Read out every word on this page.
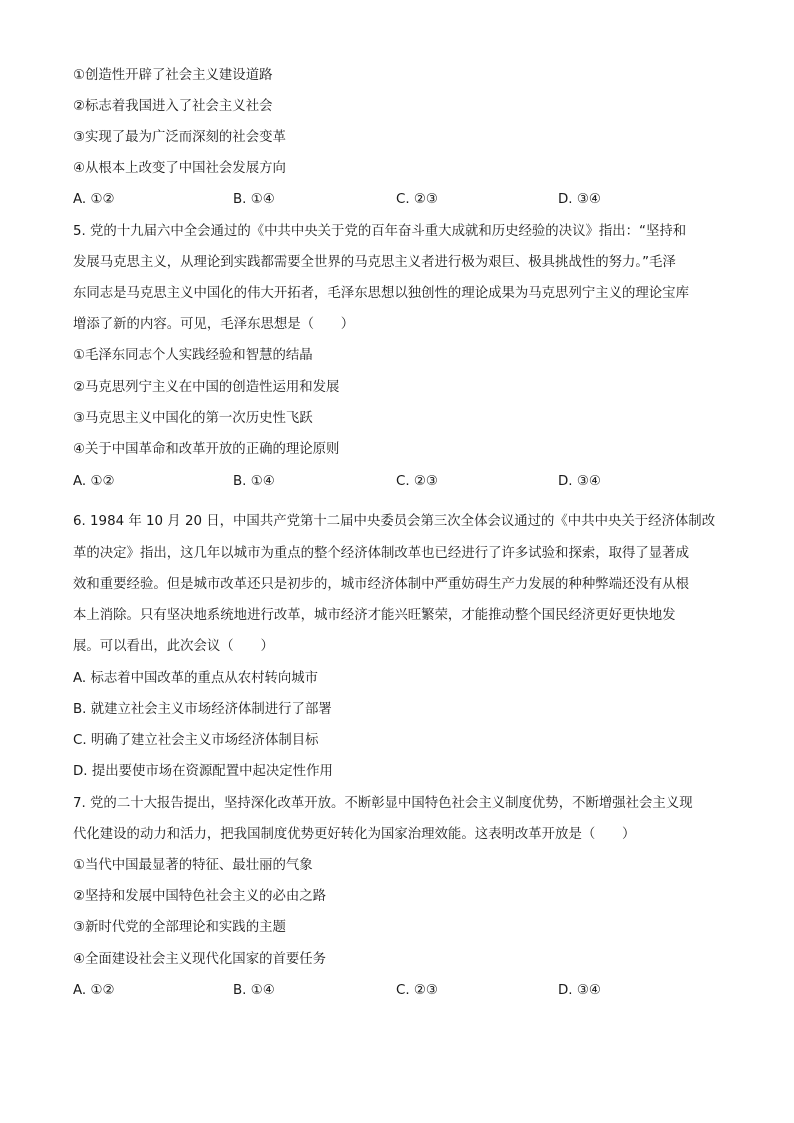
①创造性开辟了社会主义建设道路
②标志着我国进入了社会主义社会
③实现了最为广泛而深刻的社会变革
④从根本上改变了中国社会发展方向
A. ①②	B. ①④	C. ②③	D. ③④
5. 党的十九届六中全会通过的《中共中央关于党的百年奋斗重大成就和历史经验的决议》指出：“坚持和
发展马克思主义，从理论到实践都需要全世界的马克思主义者进行极为艰巨、极具挑战性的努力。”毛泽
东同志是马克思主义中国化的伟大开拓者，毛泽东思想以独创性的理论成果为马克思列宁主义的理论宝库
增添了新的内容。可见，毛泽东思想是（　　）
①毛泽东同志个人实践经验和智慧的结晶
②马克思列宁主义在中国的创造性运用和发展
③马克思主义中国化的第一次历史性飞跃
④关于中国革命和改革开放的正确的理论原则
A. ①②	B. ①④	C. ②③	D. ③④
6. 1984 年 10 月 20 日，中国共产党第十二届中央委员会第三次全体会议通过的《中共中央关于经济体制改
革的决定》指出，这几年以城市为重点的整个经济体制改革也已经进行了许多试验和探索，取得了显著成
效和重要经验。但是城市改革还只是初步的，城市经济体制中严重妨碍生产力发展的种种弊端还没有从根
本上消除。只有坚决地系统地进行改革，城市经济才能兴旺繁荣，才能推动整个国民经济更好更快地发
展。可以看出，此次会议（　　）
A. 标志着中国改革的重点从农村转向城市
B. 就建立社会主义市场经济体制进行了部署
C. 明确了建立社会主义市场经济体制目标
D. 提出要使市场在资源配置中起决定性作用
7. 党的二十大报告提出，坚持深化改革开放。不断彰显中国特色社会主义制度优势，不断增强社会主义现
代化建设的动力和活力，把我国制度优势更好转化为国家治理效能。这表明改革开放是（　　）
①当代中国最显著的特征、最壮丽的气象
②坚持和发展中国特色社会主义的必由之路
③新时代党的全部理论和实践的主题
④全面建设社会主义现代化国家的首要任务
A. ①②	B. ①④	C. ②③	D. ③④
